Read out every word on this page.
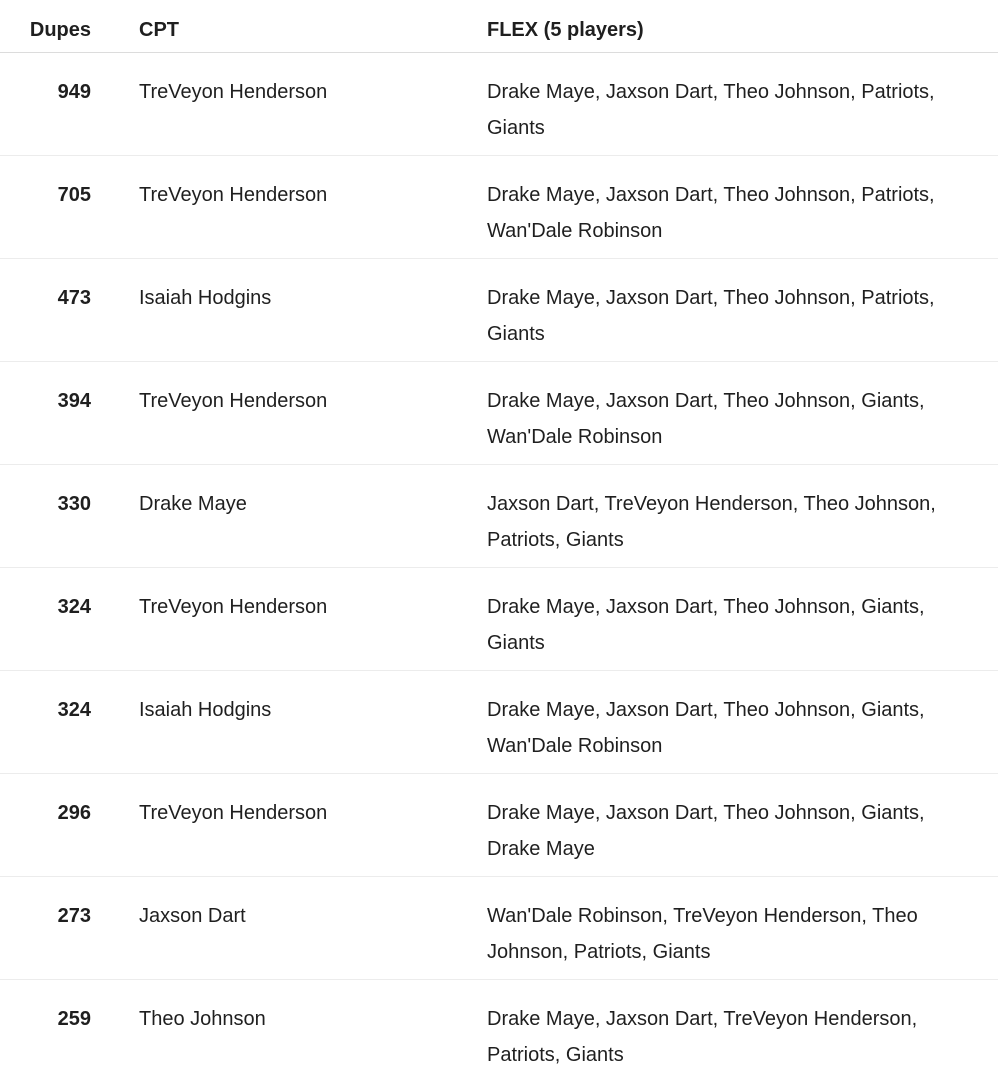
Dupes CPT	FLEX (5 players)
949 TreVeyon Henderson	Drake Maye, Jaxson Dart, Theo Johnson, Patriots, Giants
705 TreVeyon Henderson	Drake Maye, Jaxson Dart, Theo Johnson, Patriots, Wan'Dale Robinson
473 Isaiah Hodgins	Drake Maye, Jaxson Dart, Theo Johnson, Patriots, Giants
394 TreVeyon Henderson	Drake Maye, Jaxson Dart, Theo Johnson, Giants, Wan'Dale Robinson
330 Drake Maye	Jaxson Dart, TreVeyon Henderson, Theo Johnson, Patriots, Giants
324 TreVeyon Henderson	Drake Maye, Jaxson Dart, Theo Johnson, Giants, Giants
324 Isaiah Hodgins	Drake Maye, Jaxson Dart, Theo Johnson, Giants, Wan'Dale Robinson
296 TreVeyon Henderson	Drake Maye, Jaxson Dart, Theo Johnson, Giants, Drake Maye
273 Jaxson Dart	Wan'Dale Robinson, TreVeyon Henderson, Theo Johnson, Patriots, Giants
259 Theo Johnson	Drake Maye, Jaxson Dart, TreVeyon Henderson, Patriots, Giants
